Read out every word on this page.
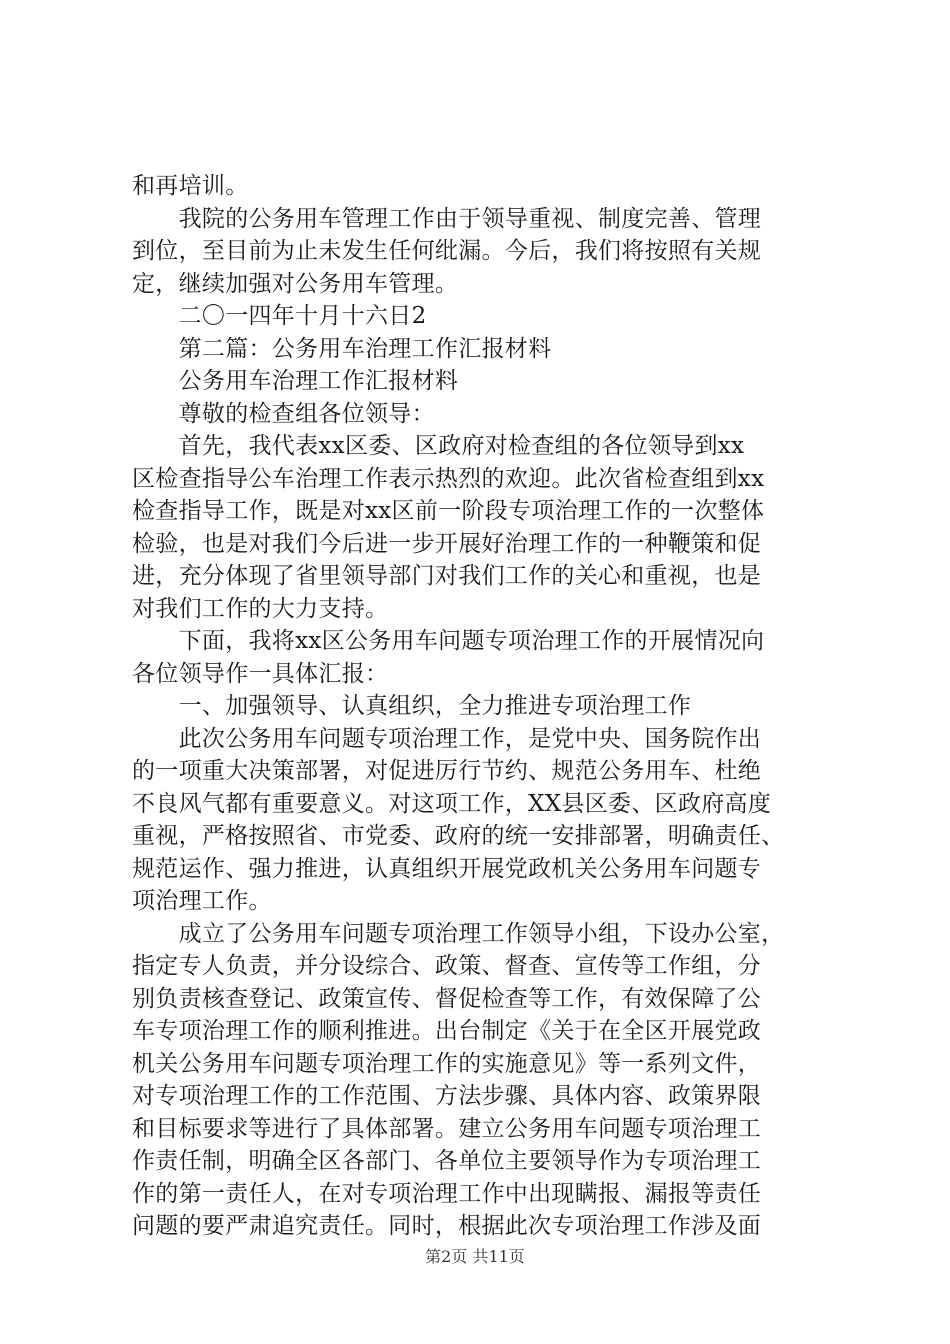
和再培训。
　　我院的公务用车管理工作由于领导重视、制度完善、管理
到位，至目前为止未发生任何纰漏。今后，我们将按照有关规
定，继续加强对公务用车管理。
　　二〇一四年十月十六日2
　　第二篇：公务用车治理工作汇报材料
　　公务用车治理工作汇报材料
　　尊敬的检查组各位领导：
　　首先，我代表xx区委、区政府对检查组的各位领导到xx
区检查指导公车治理工作表示热烈的欢迎。此次省检查组到xx
检查指导工作，既是对xx区前一阶段专项治理工作的一次整体
检验，也是对我们今后进一步开展好治理工作的一种鞭策和促
进，充分体现了省里领导部门对我们工作的关心和重视，也是
对我们工作的大力支持。
　　下面，我将xx区公务用车问题专项治理工作的开展情况向
各位领导作一具体汇报：
　　一、加强领导、认真组织，全力推进专项治理工作
　　此次公务用车问题专项治理工作，是党中央、国务院作出
的一项重大决策部署，对促进厉行节约、规范公务用车、杜绝
不良风气都有重要意义。对这项工作，XX县区委、区政府高度
重视，严格按照省、市党委、政府的统一安排部署，明确责任、
规范运作、强力推进，认真组织开展党政机关公务用车问题专
项治理工作。
　　成立了公务用车问题专项治理工作领导小组，下设办公室，
指定专人负责，并分设综合、政策、督查、宣传等工作组，分
别负责核查登记、政策宣传、督促检查等工作，有效保障了公
车专项治理工作的顺利推进。出台制定《关于在全区开展党政
机关公务用车问题专项治理工作的实施意见》等一系列文件，
对专项治理工作的工作范围、方法步骤、具体内容、政策界限
和目标要求等进行了具体部署。建立公务用车问题专项治理工
作责任制，明确全区各部门、各单位主要领导作为专项治理工
作的第一责任人，在对专项治理工作中出现瞒报、漏报等责任
问题的要严肃追究责任。同时，根据此次专项治理工作涉及面
第2页 共11页
